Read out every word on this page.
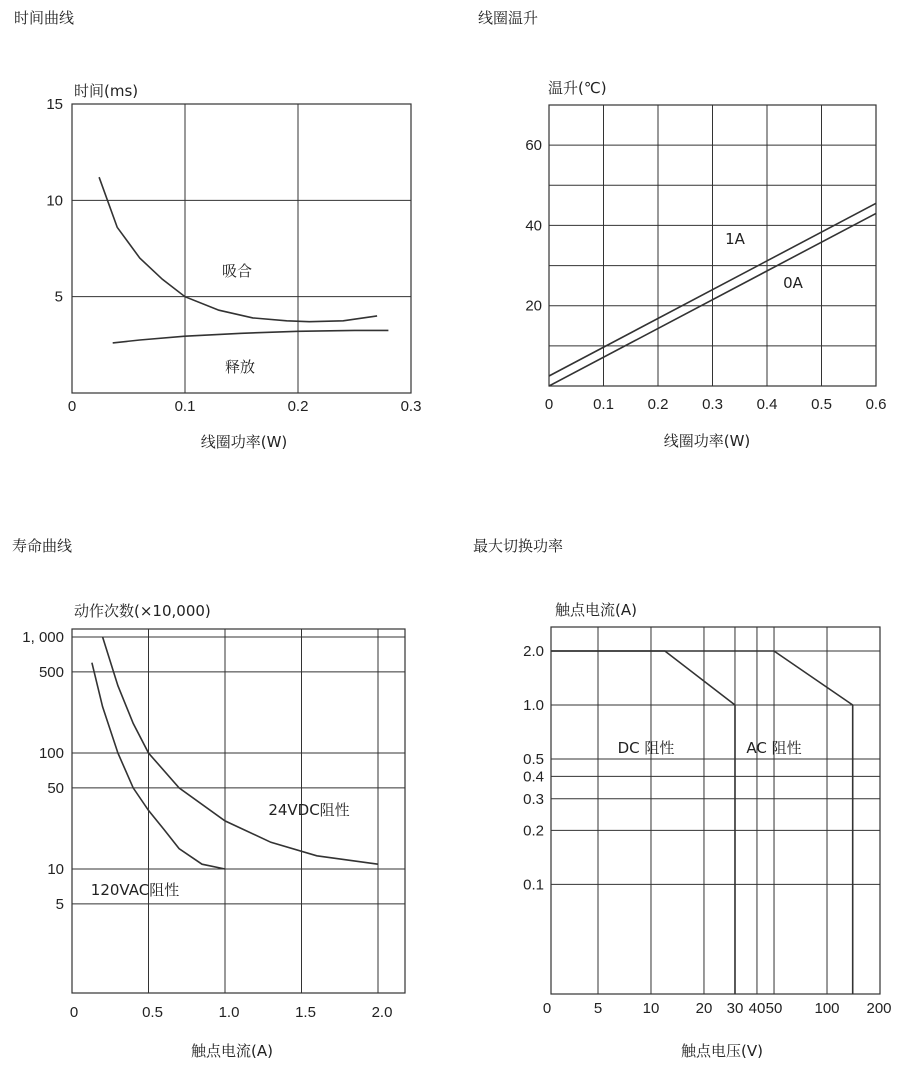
时间曲线
时间(ms)
线圈功率(W)
0	0.1	0.2	0.3
15
10
5
吸合
释放
线圈温升
温升(℃)
线圈功率(W)
0	0.1 0.2 0.3 0.4 0.5 0.6
60
40
20
1A
0A
寿命曲线
动作次数(×10,000)
触点电流(A)
0	0.5	1.0	1.5	2.0
1, 000
500
100
50
10
5
24VDC阻性
120VAC阻性
最大切换功率
触点电流(A)
触点电压(V)
0	5	10 20 30 40 50 100 200
2.0
1.0
0.5
0.4
0.3
0.2
0.1
DC 阻性	AC 阻性
